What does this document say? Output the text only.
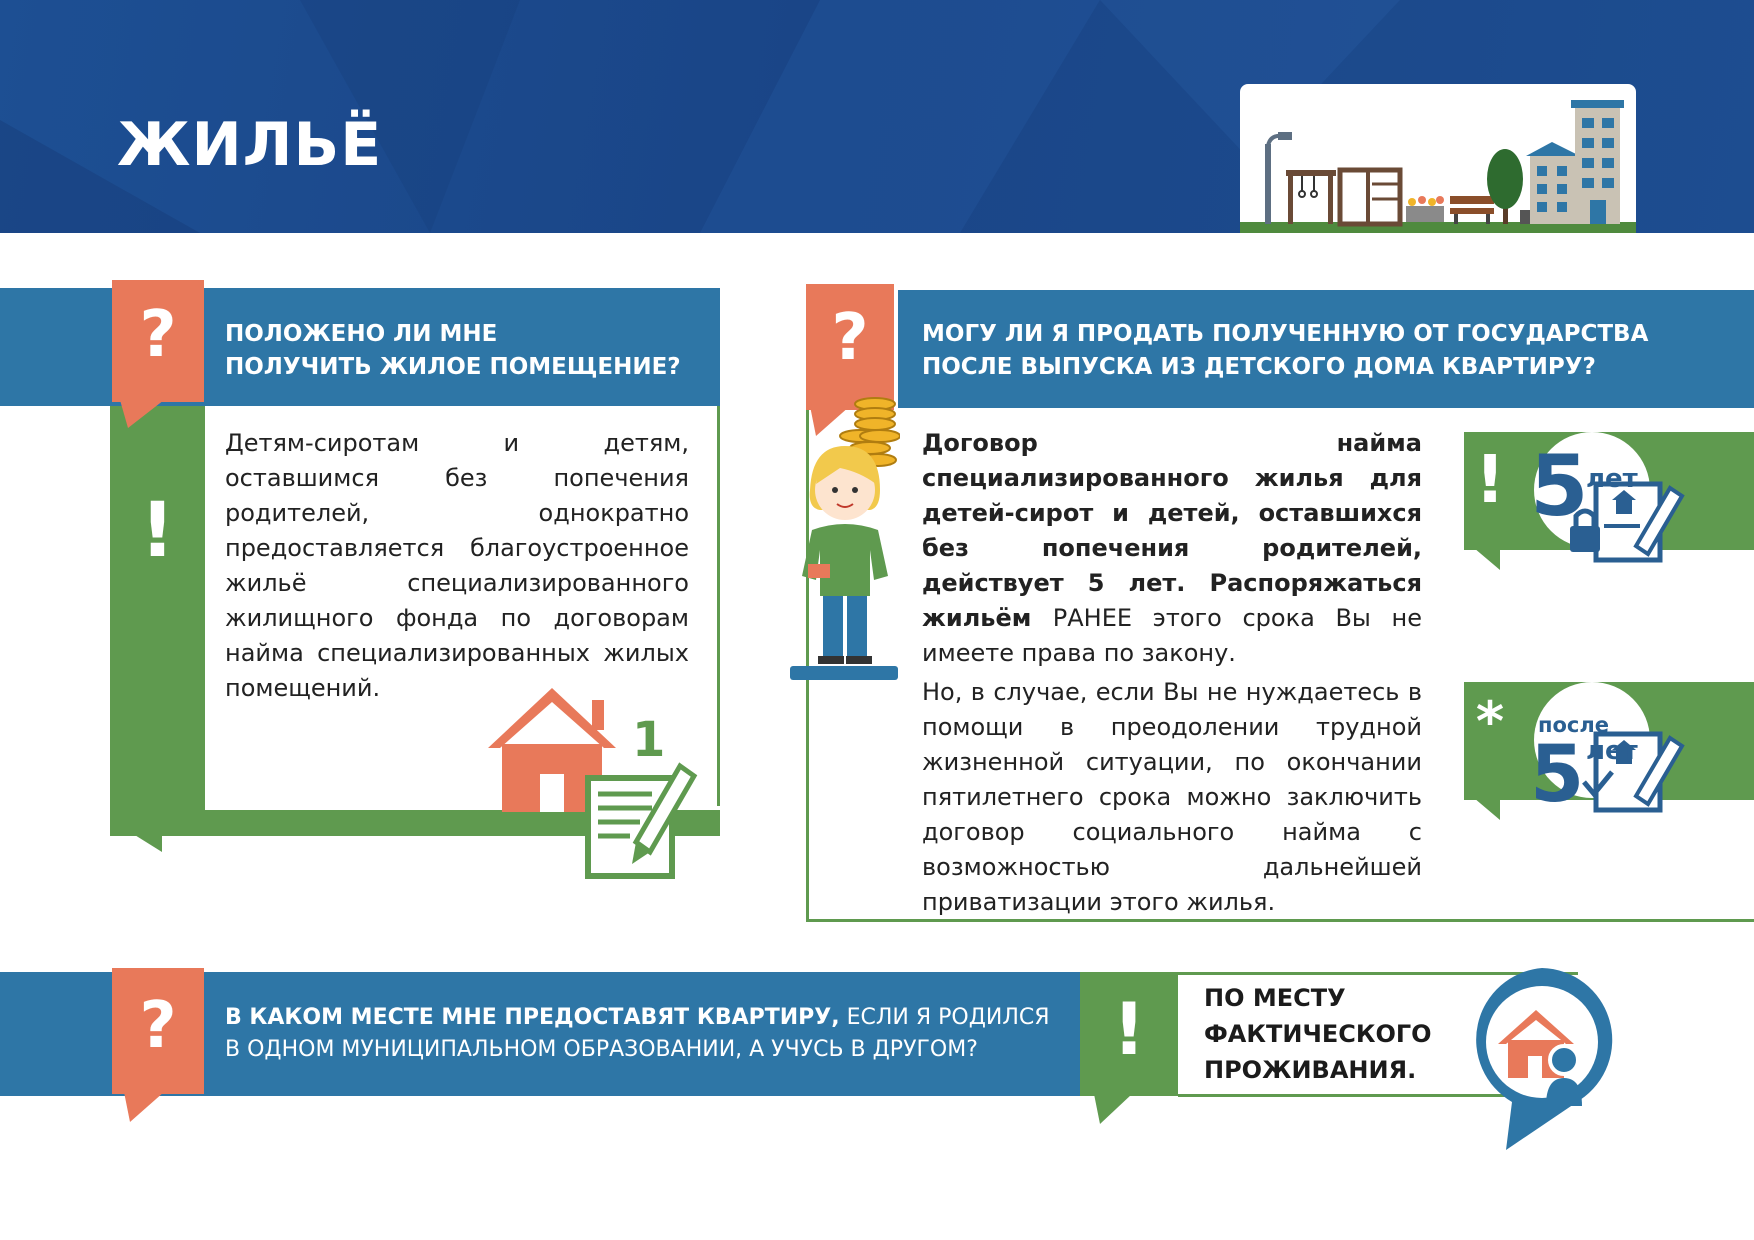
ЖИЛЬЁ
?
!
ПОЛОЖЕНО ЛИ МНЕ
ПОЛУЧИТЬ ЖИЛОЕ ПОМЕЩЕНИЕ?
Детям-сиротам и детям, оставшимся без попечения родителей, однократно предоставляется благоустроенное жильё специализированного жилищного фонда по договорам найма специализированных жилых помещений.
1
?	МОГУ ЛИ Я ПРОДАТЬ ПОЛУЧЕННУЮ ОТ ГОСУДАРСТВА
ПОСЛЕ ВЫПУСКА ИЗ ДЕТСКОГО ДОМА КВАРТИРУ?
Договор найма специализированного жилья для детей-сирот и детей, оставшихся без попечения родителей, действует 5 лет. Распоряжаться жильём РАНЕЕ этого срока Вы не имеете права по закону.
Но, в случае, если Вы не нуждаетесь в помощи в преодолении трудной жизненной ситуации, по окончании пятилетнего срока можно заключить договор социального найма с возможностью дальнейшей приватизации этого жилья.
! 5
лет
* после
5 лет
?	В КАКОМ МЕСТЕ МНЕ ПРЕДОСТАВЯТ КВАРТИРУ, ЕСЛИ Я РОДИЛСЯ
В ОДНОМ МУНИЦИПАЛЬНОМ ОБРАЗОВАНИИ, А УЧУСЬ В ДРУГОМ?	!	ПО МЕСТУ
ФАКТИЧЕСКОГО
ПРОЖИВАНИЯ.
